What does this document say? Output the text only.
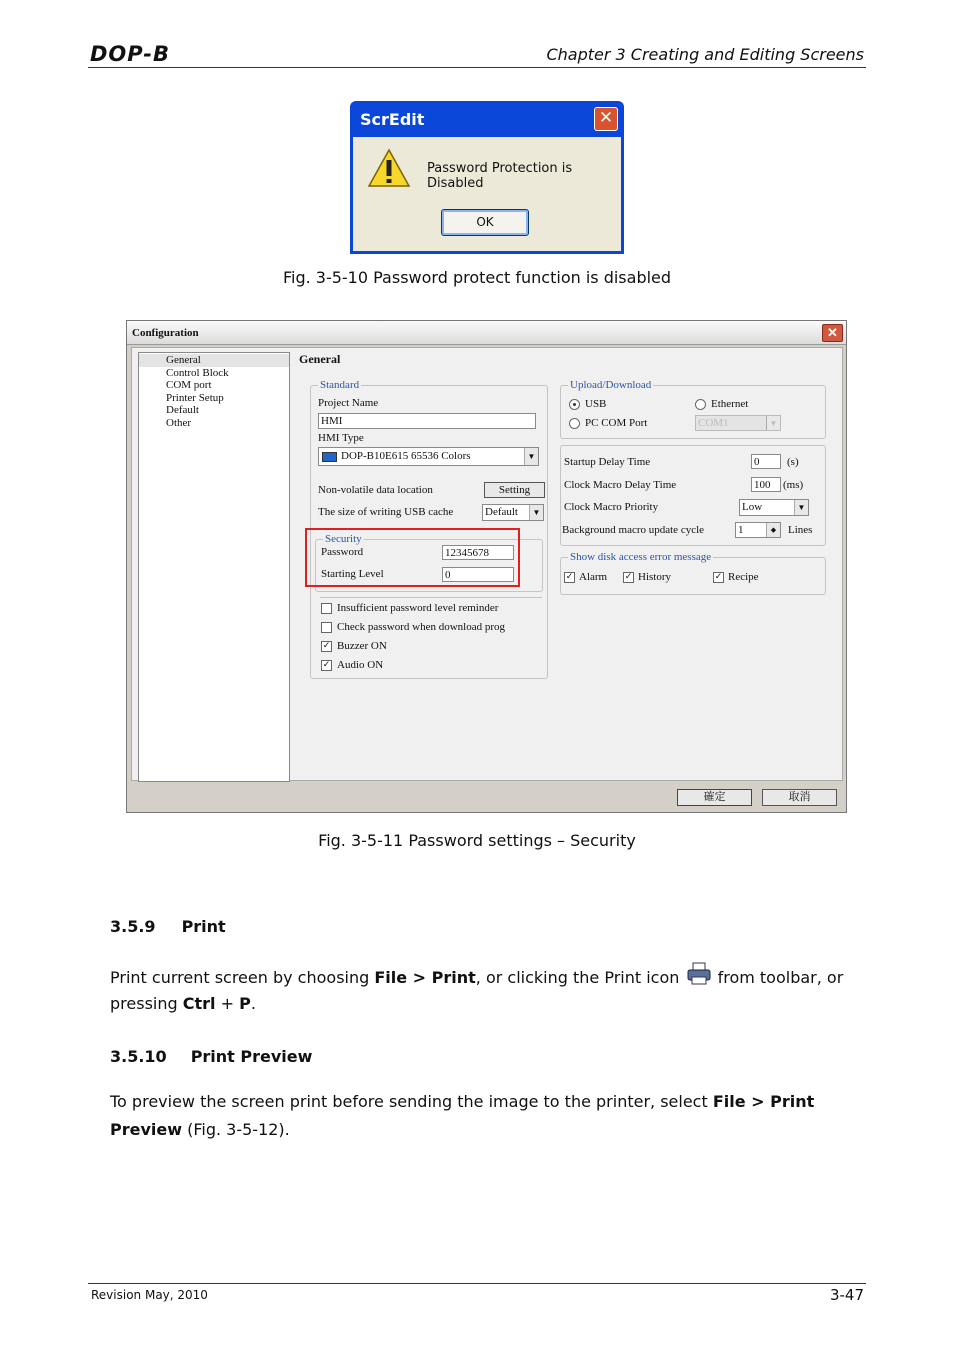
DOP-B	Chapter 3 Creating and Editing Screens
ScrEdit	✕
Password Protection is Disabled
OK
Fig. 3-5-10 Password protect function is disabled
Configuration	✕
General
Control Block
COM port
Printer Setup
Default
Other
General
Standard
Project Name
HMI
HMI Type
DOP-B10E615 65536 Colors	▼
Non-volatile data location	Setting
The size of writing USB cache	Default	▼
Security
Password	12345678
Starting Level	0
Insufficient password level reminder
Check password when download prog
✓ Buzzer ON
✓ Audio ON
Upload/Download
USB	Ethernet
PC COM Port	COM1	▼
Startup Delay Time	0	(s)
Clock Macro Delay Time	100	(ms)
Clock Macro Priority	Low	▼
Background macro update cycle	1	◆	Lines
Show disk access error message
✓ Alarm ✓ History	✓ Recipe
確定	取消
Fig. 3-5-11 Password settings – Security
3.5.9 Print
Print current screen by choosing File > Print, or clicking the Print icon  from toolbar, or pressing Ctrl + P.
3.5.10 Print Preview
To preview the screen print before sending the image to the printer, select File > Print Preview (Fig. 3-5-12).
Revision May, 2010	3-47
